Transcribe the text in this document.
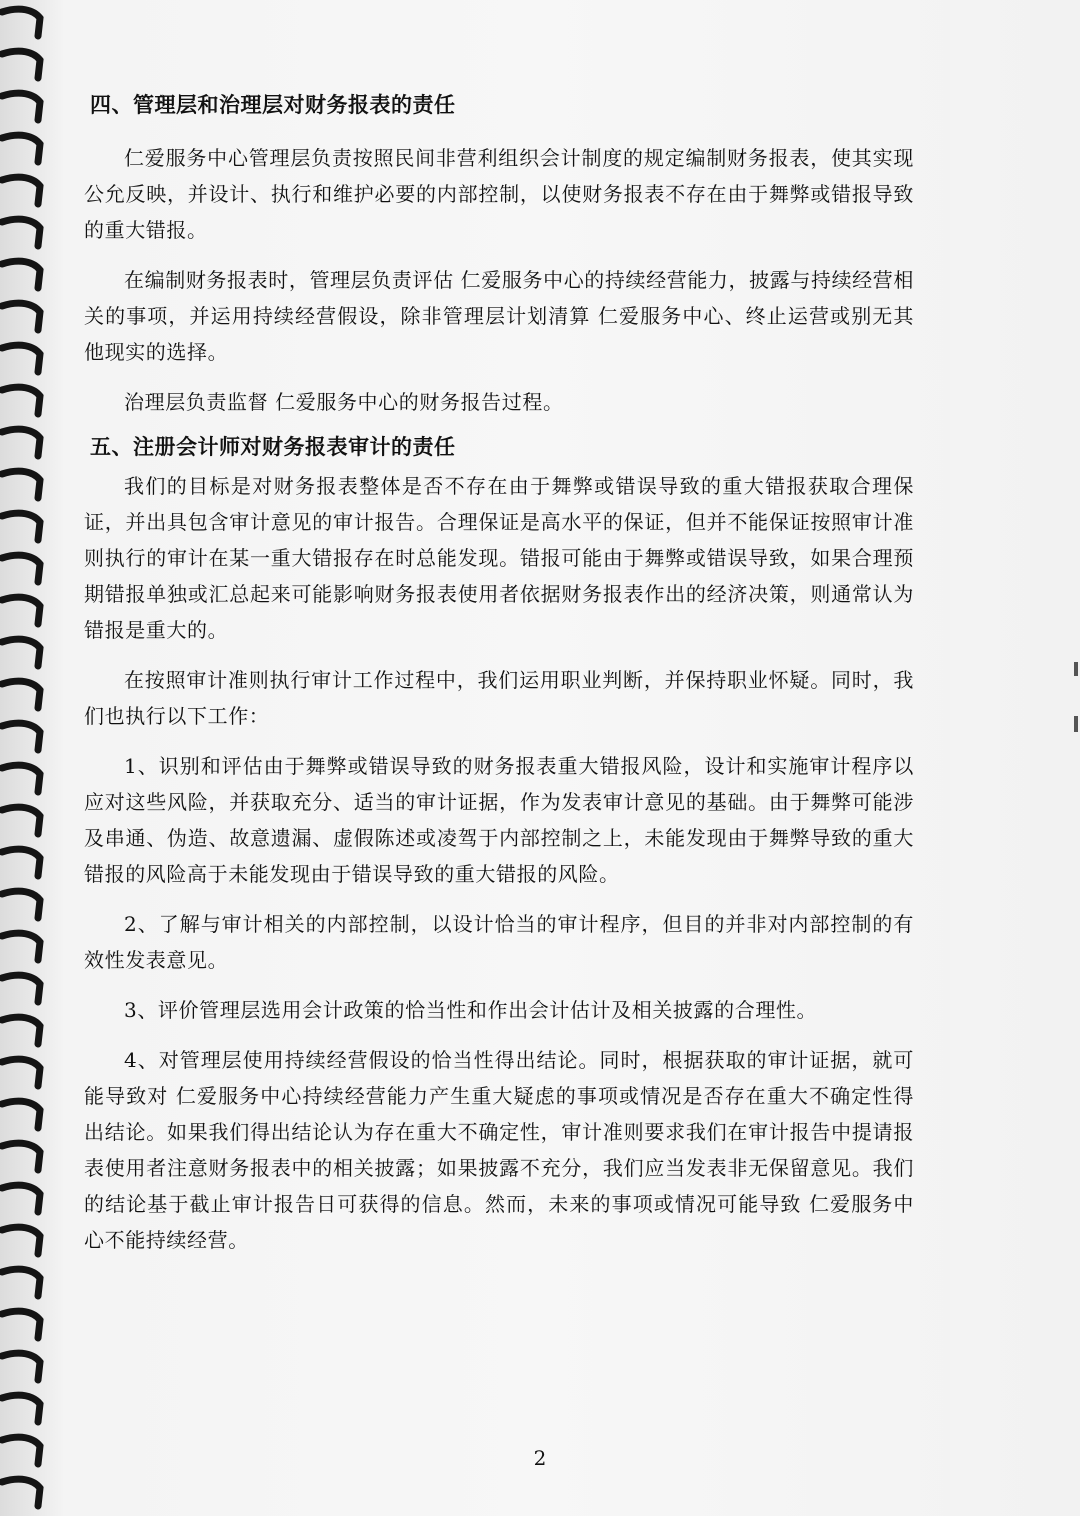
四、管理层和治理层对财务报表的责任

仁爱服务中心管理层负责按照民间非营利组织会计制度的规定编制财务报表，使其实现公允反映，并设计、执行和维护必要的内部控制，以使财务报表不存在由于舞弊或错报导致的重大错报。

在编制财务报表时，管理层负责评估 仁爱服务中心的持续经营能力，披露与持续经营相关的事项，并运用持续经营假设，除非管理层计划清算 仁爱服务中心、终止运营或别无其他现实的选择。

治理层负责监督 仁爱服务中心的财务报告过程。

五、注册会计师对财务报表审计的责任

我们的目标是对财务报表整体是否不存在由于舞弊或错误导致的重大错报获取合理保证，并出具包含审计意见的审计报告。合理保证是高水平的保证，但并不能保证按照审计准则执行的审计在某一重大错报存在时总能发现。错报可能由于舞弊或错误导致，如果合理预期错报单独或汇总起来可能影响财务报表使用者依据财务报表作出的经济决策，则通常认为错报是重大的。

在按照审计准则执行审计工作过程中，我们运用职业判断，并保持职业怀疑。同时，我们也执行以下工作：

1、识别和评估由于舞弊或错误导致的财务报表重大错报风险，设计和实施审计程序以应对这些风险，并获取充分、适当的审计证据，作为发表审计意见的基础。由于舞弊可能涉及串通、伪造、故意遗漏、虚假陈述或凌驾于内部控制之上，未能发现由于舞弊导致的重大错报的风险高于未能发现由于错误导致的重大错报的风险。

2、了解与审计相关的内部控制，以设计恰当的审计程序，但目的并非对内部控制的有效性发表意见。

3、评价管理层选用会计政策的恰当性和作出会计估计及相关披露的合理性。

4、对管理层使用持续经营假设的恰当性得出结论。同时，根据获取的审计证据，就可能导致对 仁爱服务中心持续经营能力产生重大疑虑的事项或情况是否存在重大不确定性得出结论。如果我们得出结论认为存在重大不确定性，审计准则要求我们在审计报告中提请报表使用者注意财务报表中的相关披露；如果披露不充分，我们应当发表非无保留意见。我们的结论基于截止审计报告日可获得的信息。然而，未来的事项或情况可能导致 仁爱服务中心不能持续经营。

2
